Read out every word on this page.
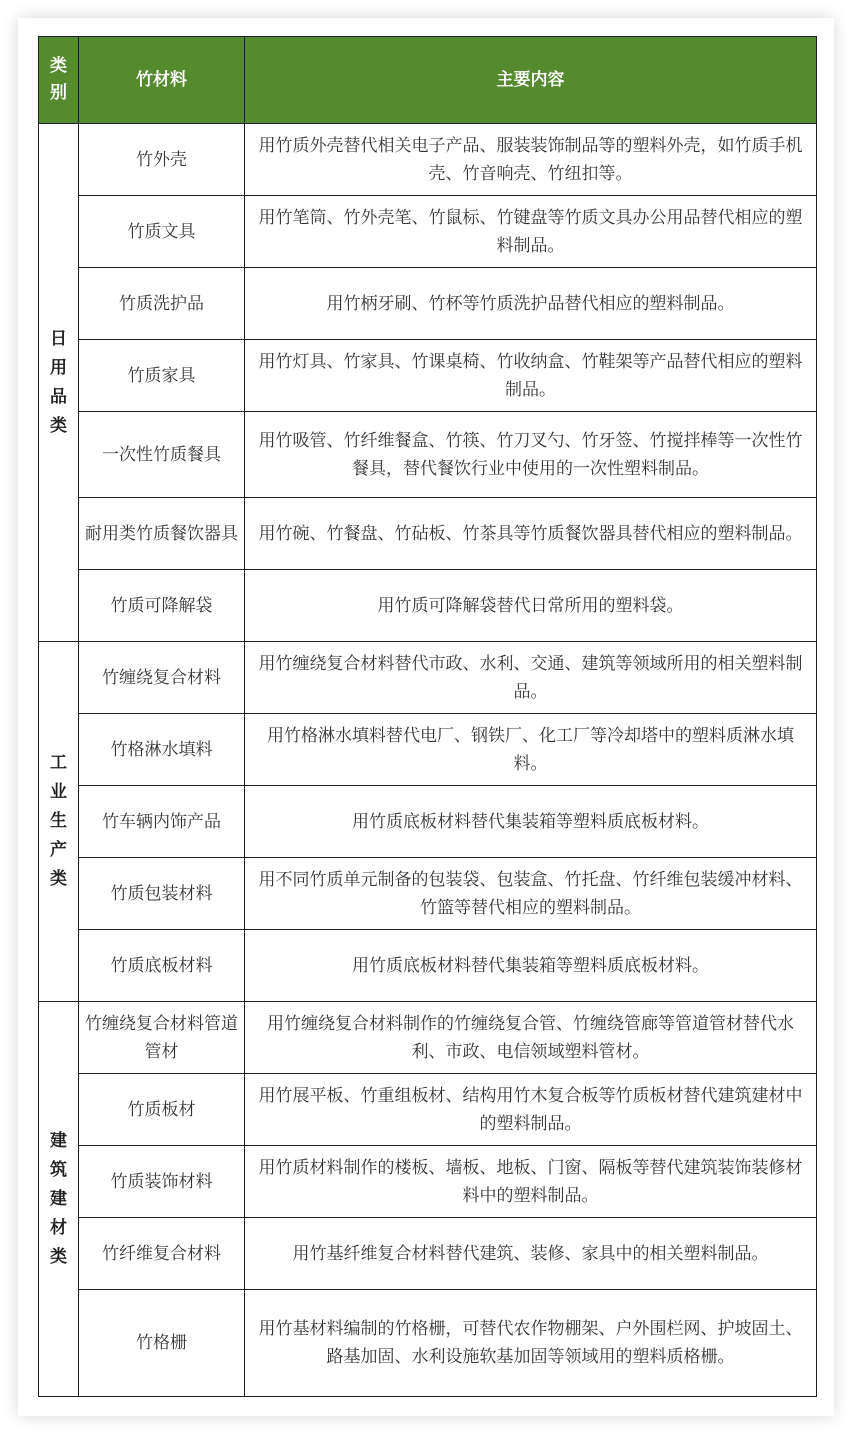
类别	竹材料	主要内容
日用品类	竹外壳	用竹质外壳替代相关电子产品、服装装饰制品等的塑料外壳，如竹质手机壳、竹音响壳、竹纽扣等。
	竹质文具	用竹笔筒、竹外壳笔、竹鼠标、竹键盘等竹质文具办公用品替代相应的塑料制品。
	竹质洗护品	用竹柄牙刷、竹杯等竹质洗护品替代相应的塑料制品。
	竹质家具	用竹灯具、竹家具、竹课桌椅、竹收纳盒、竹鞋架等产品替代相应的塑料制品。
	一次性竹质餐具	用竹吸管、竹纤维餐盒、竹筷、竹刀叉勺、竹牙签、竹搅拌棒等一次性竹餐具，替代餐饮行业中使用的一次性塑料制品。
	耐用类竹质餐饮器具	用竹碗、竹餐盘、竹砧板、竹茶具等竹质餐饮器具替代相应的塑料制品。
	竹质可降解袋	用竹质可降解袋替代日常所用的塑料袋。
工业生产类	竹缠绕复合材料	用竹缠绕复合材料替代市政、水利、交通、建筑等领域所用的相关塑料制品。
	竹格淋水填料	用竹格淋水填料替代电厂、钢铁厂、化工厂等冷却塔中的塑料质淋水填料。
	竹车辆内饰产品	用竹质底板材料替代集装箱等塑料质底板材料。
	竹质包装材料	用不同竹质单元制备的包装袋、包装盒、竹托盘、竹纤维包装缓冲材料、竹篮等替代相应的塑料制品。
	竹质底板材料	用竹质底板材料替代集装箱等塑料质底板材料。
建筑建材类	竹缠绕复合材料管道管材	用竹缠绕复合材料制作的竹缠绕复合管、竹缠绕管廊等管道管材替代水利、市政、电信领域塑料管材。
	竹质板材	用竹展平板、竹重组板材、结构用竹木复合板等竹质板材替代建筑建材中的塑料制品。
	竹质装饰材料	用竹质材料制作的楼板、墙板、地板、门窗、隔板等替代建筑装饰装修材料中的塑料制品。
	竹纤维复合材料	用竹基纤维复合材料替代建筑、装修、家具中的相关塑料制品。
	竹格栅	用竹基材料编制的竹格栅，可替代农作物棚架、户外围栏网、护坡固土、路基加固、水利设施软基加固等领域用的塑料质格栅。
